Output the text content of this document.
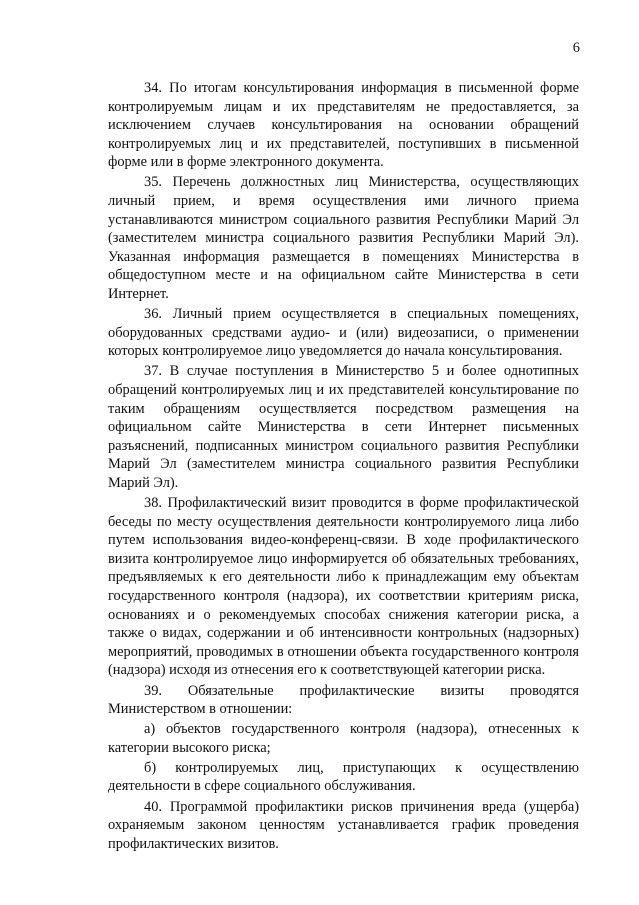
6

34. По итогам консультирования информация в письменной форме контролируемым лицам и их представителям не предоставляется, за исключением случаев консультирования на основании обращений контролируемых лиц и их представителей, поступивших в письменной форме или в форме электронного документа.

35. Перечень должностных лиц Министерства, осуществляющих личный прием, и время осуществления ими личного приема устанавливаются министром социального развития Республики Марий Эл (заместителем министра социального развития Республики Марий Эл). Указанная информация размещается в помещениях Министерства в общедоступном месте и на официальном сайте Министерства в сети Интернет.

36. Личный прием осуществляется в специальных помещениях, оборудованных средствами аудио- и (или) видеозаписи, о применении которых контролируемое лицо уведомляется до начала консультирования.

37. В случае поступления в Министерство 5 и более однотипных обращений контролируемых лиц и их представителей консультирование по таким обращениям осуществляется посредством размещения на официальном сайте Министерства в сети Интернет письменных разъяснений, подписанных министром социального развития Республики Марий Эл (заместителем министра социального развития Республики Марий Эл).

38. Профилактический визит проводится в форме профилактической беседы по месту осуществления деятельности контролируемого лица либо путем использования видео-конференц-связи. В ходе профилактического визита контролируемое лицо информируется об обязательных требованиях, предъявляемых к его деятельности либо к принадлежащим ему объектам государственного контроля (надзора), их соответствии критериям риска, основаниях и о рекомендуемых способах снижения категории риска, а также о видах, содержании и об интенсивности контрольных (надзорных) мероприятий, проводимых в отношении объекта государственного контроля (надзора) исходя из отнесения его к соответствующей категории риска.

39. Обязательные профилактические визиты проводятся Министерством в отношении:

а) объектов государственного контроля (надзора), отнесенных к категории высокого риска;

б) контролируемых лиц, приступающих к осуществлению деятельности в сфере социального обслуживания.

40. Программой профилактики рисков причинения вреда (ущерба) охраняемым законом ценностям устанавливается график проведения профилактических визитов.
